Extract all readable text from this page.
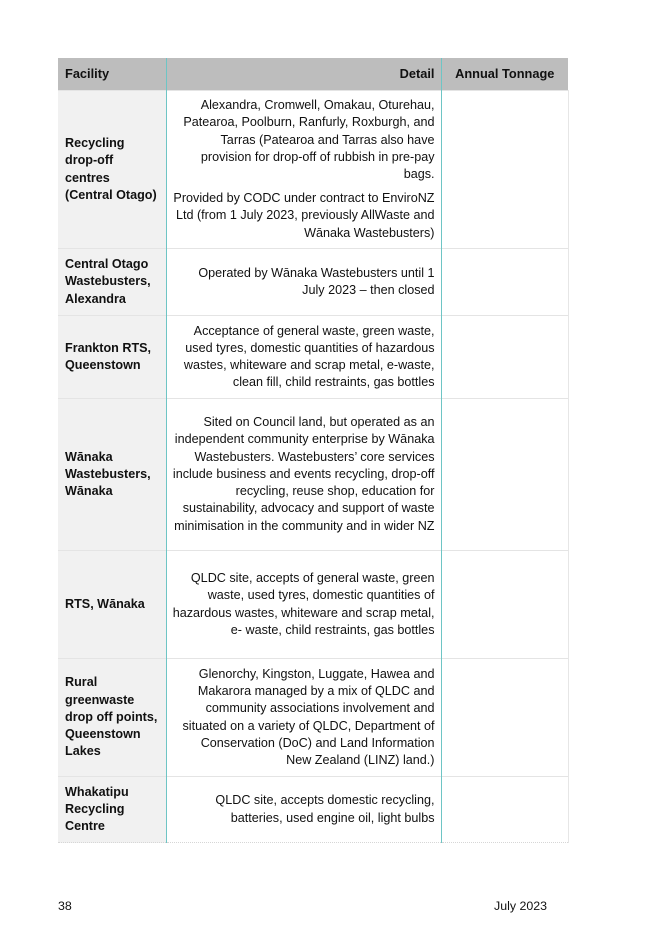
Facility	Detail	Annual Tonnage
Recycling drop-off centres (Central Otago)	Alexandra, Cromwell, Omakau, Oturehau, Patearoa, Poolburn, Ranfurly, Roxburgh, and Tarras (Patearoa and Tarras also have provision for drop-off of rubbish in pre-pay bags.

Provided by CODC under contract to EnviroNZ Ltd (from 1 July 2023, previously AllWaste and Wānaka Wastebusters)	

Central Otago Wastebusters, Alexandra	Operated by Wānaka Wastebusters until 1 July 2023 – then closed	

Frankton RTS, Queenstown	Acceptance of general waste, green waste, used tyres, domestic quantities of hazardous wastes, whiteware and scrap metal, e-waste, clean fill, child restraints, gas bottles	

Wānaka Wastebusters, Wānaka	Sited on Council land, but operated as an independent community enterprise by Wānaka Wastebusters. Wastebusters’ core services include business and events recycling, drop-off recycling, reuse shop, education for sustainability, advocacy and support of waste minimisation in the community and in wider NZ	

RTS, Wānaka	QLDC site, accepts of general waste, green waste, used tyres, domestic quantities of hazardous wastes, whiteware and scrap metal, e- waste, child restraints, gas bottles	

Rural greenwaste drop off points, Queenstown Lakes	Glenorchy, Kingston, Luggate, Hawea and Makarora managed by a mix of QLDC and community associations involvement and situated on a variety of QLDC, Department of Conservation (DoC) and Land Information New Zealand (LINZ) land.)	

Whakatipu Recycling Centre	QLDC site, accepts domestic recycling, batteries, used engine oil, light bulbs	

38	July 2023
